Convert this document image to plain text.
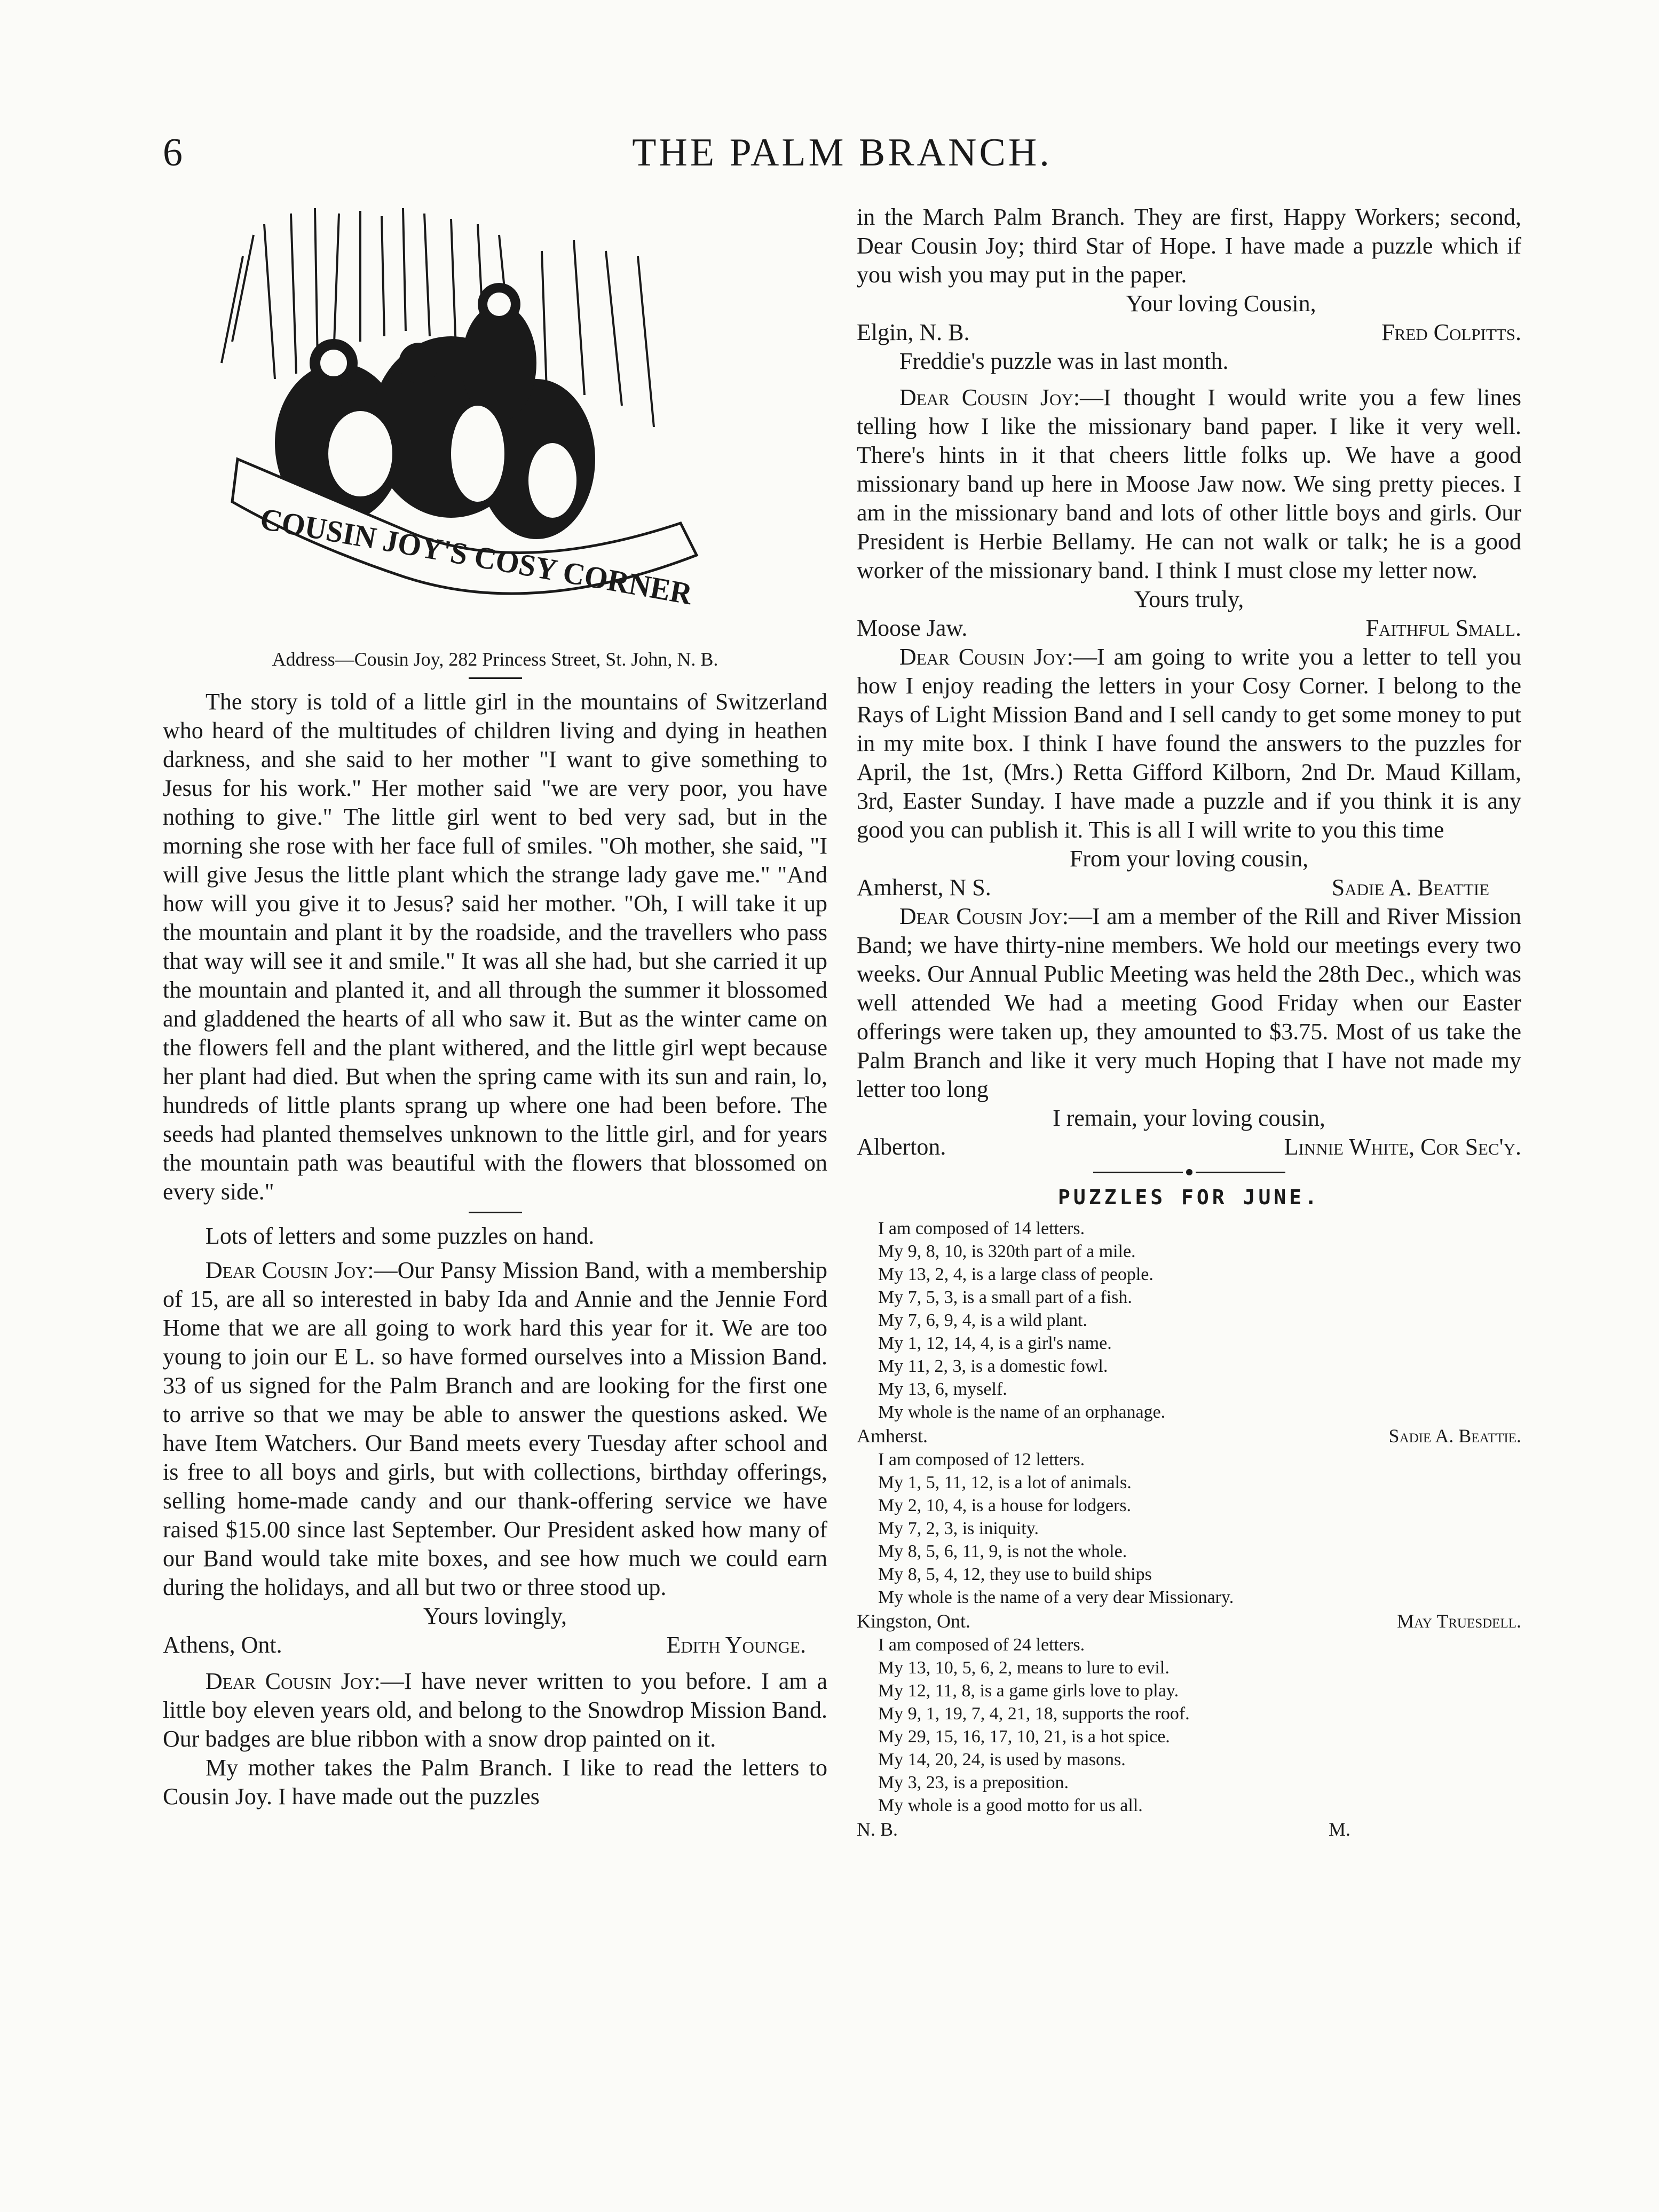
6	THE PALM BRANCH.
COUSIN JOY'S COSY CORNER
Address—Cousin Joy, 282 Princess Street, St. John, N. B.

The story is told of a little girl in the mountains of Switzerland who heard of the multitudes of children living and dying in heathen darkness, and she said to her mother "I want to give something to Jesus for his work." Her mother said "we are very poor, you have nothing to give." The little girl went to bed very sad, but in the morning she rose with her face full of smiles. "Oh mother, she said, "I will give Jesus the little plant which the strange lady gave me." "And how will you give it to Jesus? said her mother. "Oh, I will take it up the mountain and plant it by the roadside, and the travellers who pass that way will see it and smile." It was all she had, but she carried it up the mountain and planted it, and all through the summer it blossomed and gladdened the hearts of all who saw it. But as the winter came on the flowers fell and the plant withered, and the little girl wept because her plant had died. But when the spring came with its sun and rain, lo, hundreds of little plants sprang up where one had been before. The seeds had planted themselves unknown to the little girl, and for years the mountain path was beautiful with the flowers that blossomed on every side."

Lots of letters and some puzzles on hand.

Dear Cousin Joy:—Our Pansy Mission Band, with a membership of 15, are all so interested in baby Ida and Annie and the Jennie Ford Home that we are all going to work hard this year for it. We are too young to join our E L. so have formed ourselves into a Mission Band. 33 of us signed for the Palm Branch and are looking for the first one to arrive so that we may be able to answer the questions asked. We have Item Watchers. Our Band meets every Tuesday after school and is free to all boys and girls, but with collections, birthday offerings, selling home-made candy and our thank-offering service we have raised $15.00 since last September. Our President asked how many of our Band would take mite boxes, and see how much we could earn during the holidays, and all but two or three stood up.

Yours lovingly,

Athens, Ont.	Edith Younge.

Dear Cousin Joy:—I have never written to you before. I am a little boy eleven years old, and belong to the Snowdrop Mission Band. Our badges are blue ribbon with a snow drop painted on it.

My mother takes the Palm Branch. I like to read the letters to Cousin Joy. I have made out the puzzles

in the March Palm Branch. They are first, Happy Workers; second, Dear Cousin Joy; third Star of Hope. I have made a puzzle which if you wish you may put in the paper.

Your loving Cousin,

Elgin, N. B.	Fred Colpitts.

Freddie's puzzle was in last month.

Dear Cousin Joy:—I thought I would write you a few lines telling how I like the missionary band paper. I like it very well. There's hints in it that cheers little folks up. We have a good missionary band up here in Moose Jaw now. We sing pretty pieces. I am in the missionary band and lots of other little boys and girls. Our President is Herbie Bellamy. He can not walk or talk; he is a good worker of the missionary band. I think I must close my letter now.

Yours truly,

Moose Jaw.	Faithful Small.

Dear Cousin Joy:—I am going to write you a letter to tell you how I enjoy reading the letters in your Cosy Corner. I belong to the Rays of Light Mission Band and I sell candy to get some money to put in my mite box. I think I have found the answers to the puzzles for April, the 1st, (Mrs.) Retta Gifford Kilborn, 2nd Dr. Maud Killam, 3rd, Easter Sunday. I have made a puzzle and if you think it is any good you can publish it. This is all I will write to you this time

From your loving cousin,

Amherst, N S.	Sadie A. Beattie

Dear Cousin Joy:—I am a member of the Rill and River Mission Band; we have thirty-nine members. We hold our meetings every two weeks. Our Annual Public Meeting was held the 28th Dec., which was well attended We had a meeting Good Friday when our Easter offerings were taken up, they amounted to $3.75. Most of us take the Palm Branch and like it very much Hoping that I have not made my letter too long

I remain, your loving cousin,

Alberton.	Linnie White, Cor Sec'y.
PUZZLES FOR JUNE.

I am composed of 14 letters.

My 9, 8, 10, is 320th part of a mile.

My 13, 2, 4, is a large class of people.

My 7, 5, 3, is a small part of a fish.

My 7, 6, 9, 4, is a wild plant.

My 1, 12, 14, 4, is a girl's name.

My 11, 2, 3, is a domestic fowl.

My 13, 6, myself.

My whole is the name of an orphanage.

Amherst.	Sadie A. Beattie.

I am composed of 12 letters.

My 1, 5, 11, 12, is a lot of animals.

My 2, 10, 4, is a house for lodgers.

My 7, 2, 3, is iniquity.

My 8, 5, 6, 11, 9, is not the whole.

My 8, 5, 4, 12, they use to build ships

My whole is the name of a very dear Missionary.

Kingston, Ont.	May Truesdell.

I am composed of 24 letters.

My 13, 10, 5, 6, 2, means to lure to evil.

My 12, 11, 8, is a game girls love to play.

My 9, 1, 19, 7, 4, 21, 18, supports the roof.

My 29, 15, 16, 17, 10, 21, is a hot spice.

My 14, 20, 24, is used by masons.

My 3, 23, is a preposition.

My whole is a good motto for us all.

N. B.	M.
